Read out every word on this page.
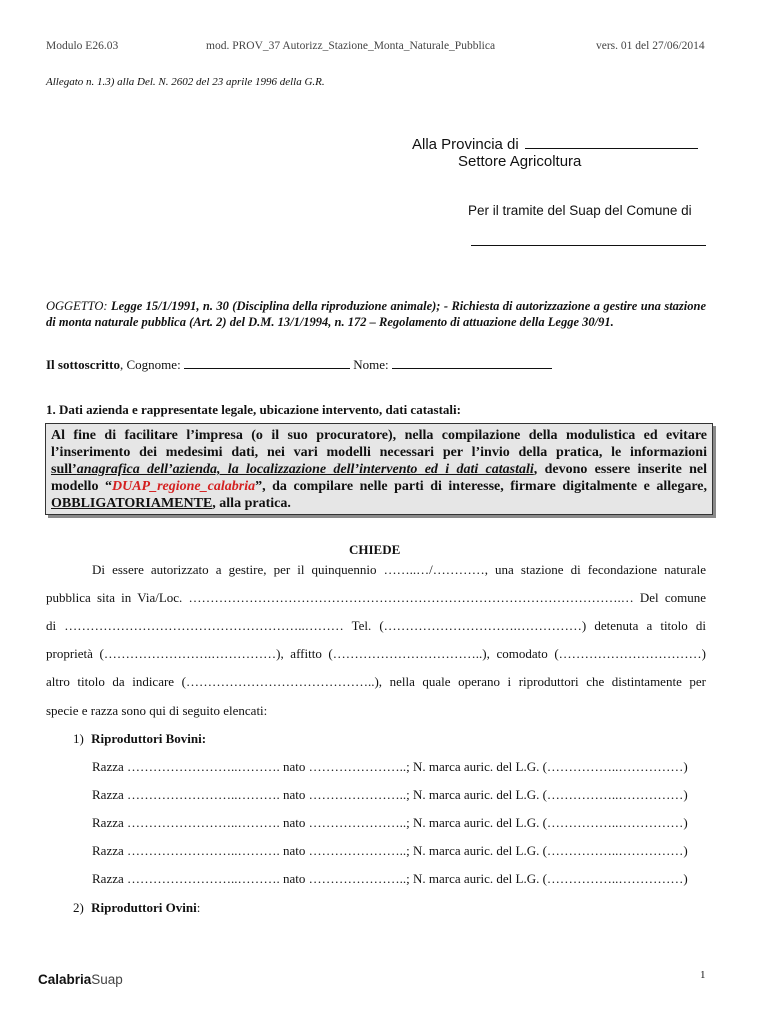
Modulo E26.03	mod. PROV_37 Autorizz_Stazione_Monta_Naturale_Pubblica	vers. 01 del 27/06/2014
Allegato n. 1.3) alla Del. N. 2602 del 23 aprile 1996 della G.R.
Alla Provincia di
Settore Agricoltura
Per il tramite del Suap del Comune di
OGGETTO: Legge 15/1/1991, n. 30 (Disciplina della riproduzione animale); - Richiesta di autorizzazione a gestire una stazione di monta naturale pubblica (Art. 2) del D.M. 13/1/1994, n. 172 – Regolamento di attuazione della Legge 30/91.
Il sottoscritto, Cognome:	Nome:
1. Dati azienda e rappresentate legale, ubicazione intervento, dati catastali:
Al fine di facilitare l’impresa (o il suo procuratore), nella compilazione della modulistica ed evitare l’inserimento dei medesimi dati, nei vari modelli necessari per l’invio della pratica, le informazioni sull’anagrafica dell’azienda, la localizzazione dell’intervento ed i dati catastali, devono essere inserite nel modello “DUAP_regione_calabria”, da compilare nelle parti di interesse, firmare digitalmente e allegare, OBBLIGATORIAMENTE, alla pratica.
CHIEDE
Di essere autorizzato a gestire, per il quinquennio ……..…/…………, una stazione di fecondazione naturale
pubblica sita in Via/Loc. ……………………………………………………………………………………….… Del comune
di ………………………………………………..……… Tel. (………………………….……………) detenuta a titolo di
proprietà (…………………….……………), affitto (……………………………..), comodato (……………………………)
altro titolo da indicare (……………………………………..), nella quale operano i riproduttori che distintamente per
specie e razza sono qui di seguito elencati:
1) Riproduttori Bovini:
Razza ……………………..………. nato …………………..; N. marca auric. del L.G. (……………..……………)
Razza ……………………..………. nato …………………..; N. marca auric. del L.G. (……………..……………)
Razza ……………………..………. nato …………………..; N. marca auric. del L.G. (……………..……………)
Razza ……………………..………. nato …………………..; N. marca auric. del L.G. (……………..……………)
Razza ……………………..………. nato …………………..; N. marca auric. del L.G. (……………..……………)
2) Riproduttori Ovini:
CalabriaSuap	1
